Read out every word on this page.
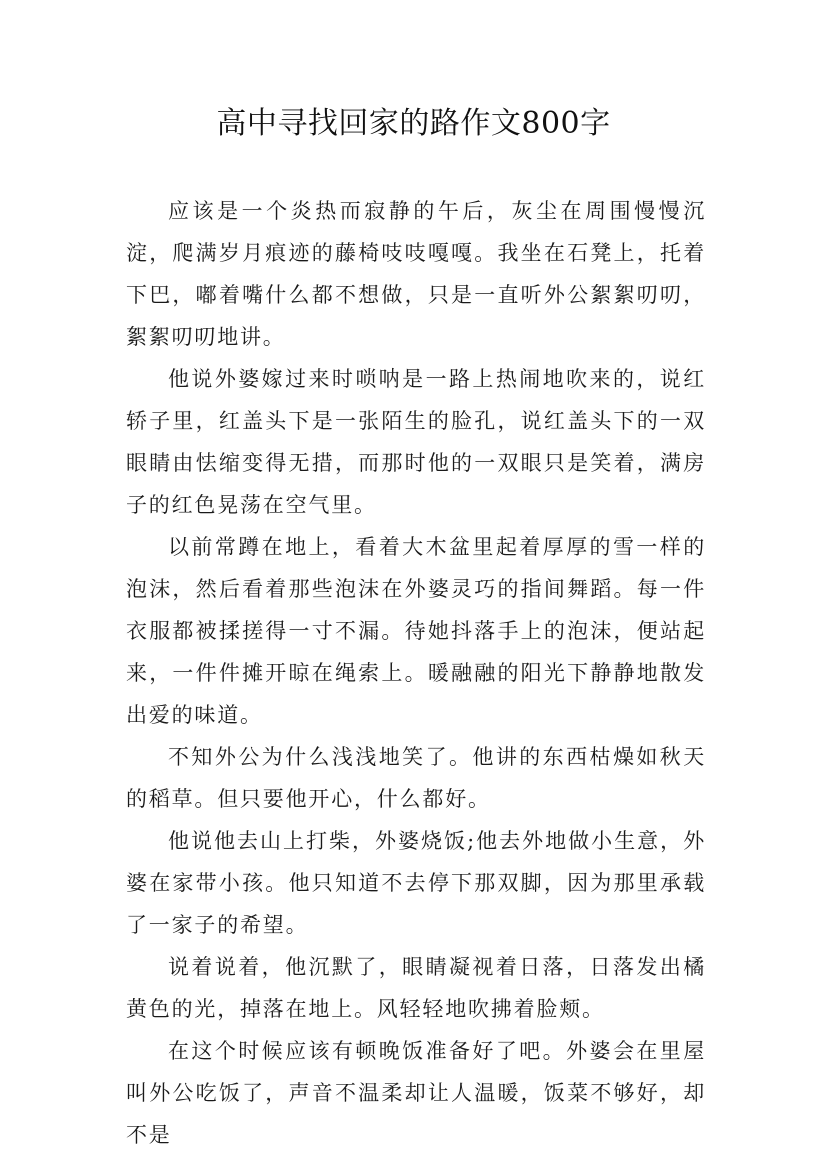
高中寻找回家的路作文800字

应该是一个炎热而寂静的午后，灰尘在周围慢慢沉淀，爬满岁月痕迹的藤椅吱吱嘎嘎。我坐在石凳上，托着下巴，嘟着嘴什么都不想做，只是一直听外公絮絮叨叨，絮絮叨叨地讲。

他说外婆嫁过来时唢呐是一路上热闹地吹来的，说红轿子里，红盖头下是一张陌生的脸孔，说红盖头下的一双眼睛由怯缩变得无措，而那时他的一双眼只是笑着，满房子的红色晃荡在空气里。

以前常蹲在地上，看着大木盆里起着厚厚的雪一样的泡沫，然后看着那些泡沫在外婆灵巧的指间舞蹈。每一件衣服都被揉搓得一寸不漏。待她抖落手上的泡沫，便站起来，一件件摊开晾在绳索上。暖融融的阳光下静静地散发出爱的味道。

不知外公为什么浅浅地笑了。他讲的东西枯燥如秋天的稻草。但只要他开心，什么都好。

他说他去山上打柴，外婆烧饭;他去外地做小生意，外婆在家带小孩。他只知道不去停下那双脚，因为那里承载了一家子的希望。

说着说着，他沉默了，眼睛凝视着日落，日落发出橘黄色的光，掉落在地上。风轻轻地吹拂着脸颊。

在这个时候应该有顿晚饭准备好了吧。外婆会在里屋叫外公吃饭了，声音不温柔却让人温暖，饭菜不够好，却不是
